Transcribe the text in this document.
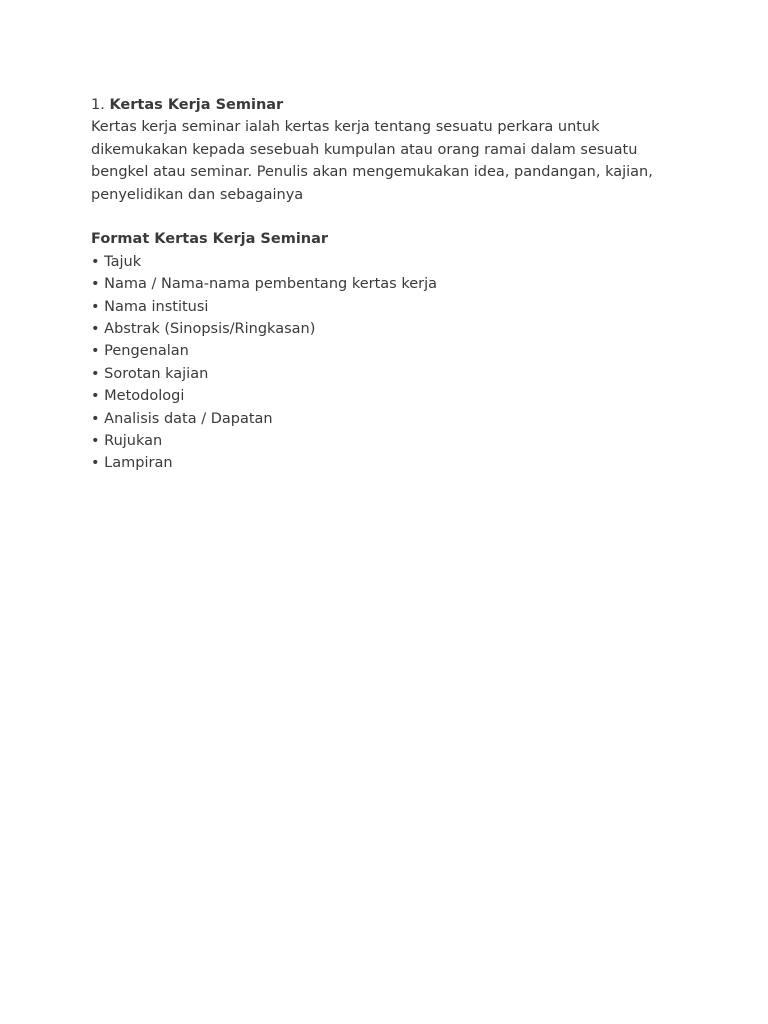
1. Kertas Kerja Seminar

Kertas kerja seminar ialah kertas kerja tentang sesuatu perkara untuk

dikemukakan kepada sesebuah kumpulan atau orang ramai dalam sesuatu

bengkel atau seminar. Penulis akan mengemukakan idea, pandangan, kajian,

penyelidikan dan sebagainya

Format Kertas Kerja Seminar

• Tajuk
• Nama / Nama-nama pembentang kertas kerja
• Nama institusi
• Abstrak (Sinopsis/Ringkasan)
• Pengenalan
• Sorotan kajian
• Metodologi
• Analisis data / Dapatan
• Rujukan
• Lampiran
